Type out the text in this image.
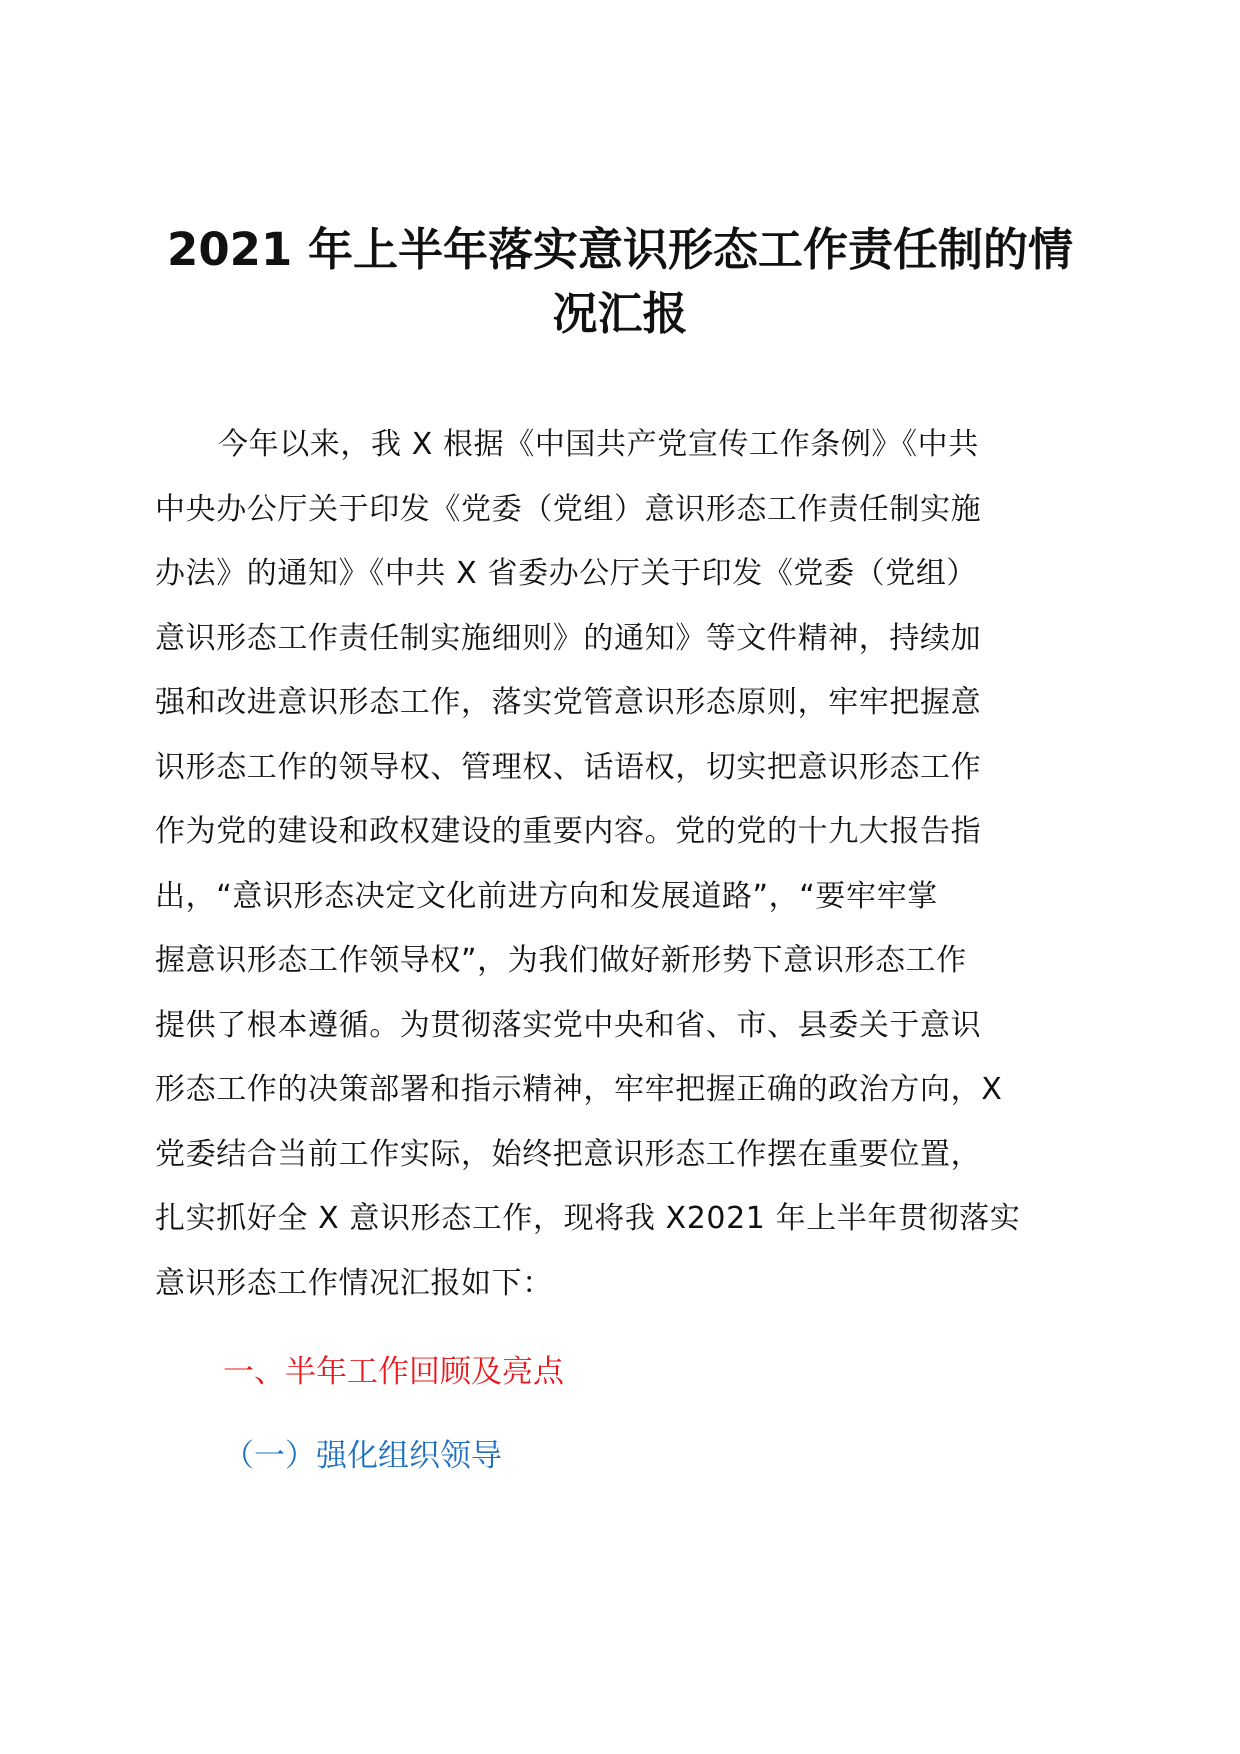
2021 年上半年落实意识形态工作责任制的情
况汇报
今年以来，我 X 根据《中国共产党宣传工作条例》《中共
中央办公厅关于印发《党委（党组）意识形态工作责任制实施
办法》的通知》《中共 X 省委办公厅关于印发《党委（党组）
意识形态工作责任制实施细则》的通知》等文件精神，持续加
强和改进意识形态工作，落实党管意识形态原则，牢牢把握意
识形态工作的领导权、管理权、话语权，切实把意识形态工作
作为党的建设和政权建设的重要内容。党的党的十九大报告指
出，“意识形态决定文化前进方向和发展道路”，“要牢牢掌
握意识形态工作领导权”，为我们做好新形势下意识形态工作
提供了根本遵循。为贯彻落实党中央和省、市、县委关于意识
形态工作的决策部署和指示精神，牢牢把握正确的政治方向，X
党委结合当前工作实际，始终把意识形态工作摆在重要位置，
扎实抓好全 X 意识形态工作，现将我 X2021 年上半年贯彻落实
意识形态工作情况汇报如下：
一、半年工作回顾及亮点
（一）强化组织领导
